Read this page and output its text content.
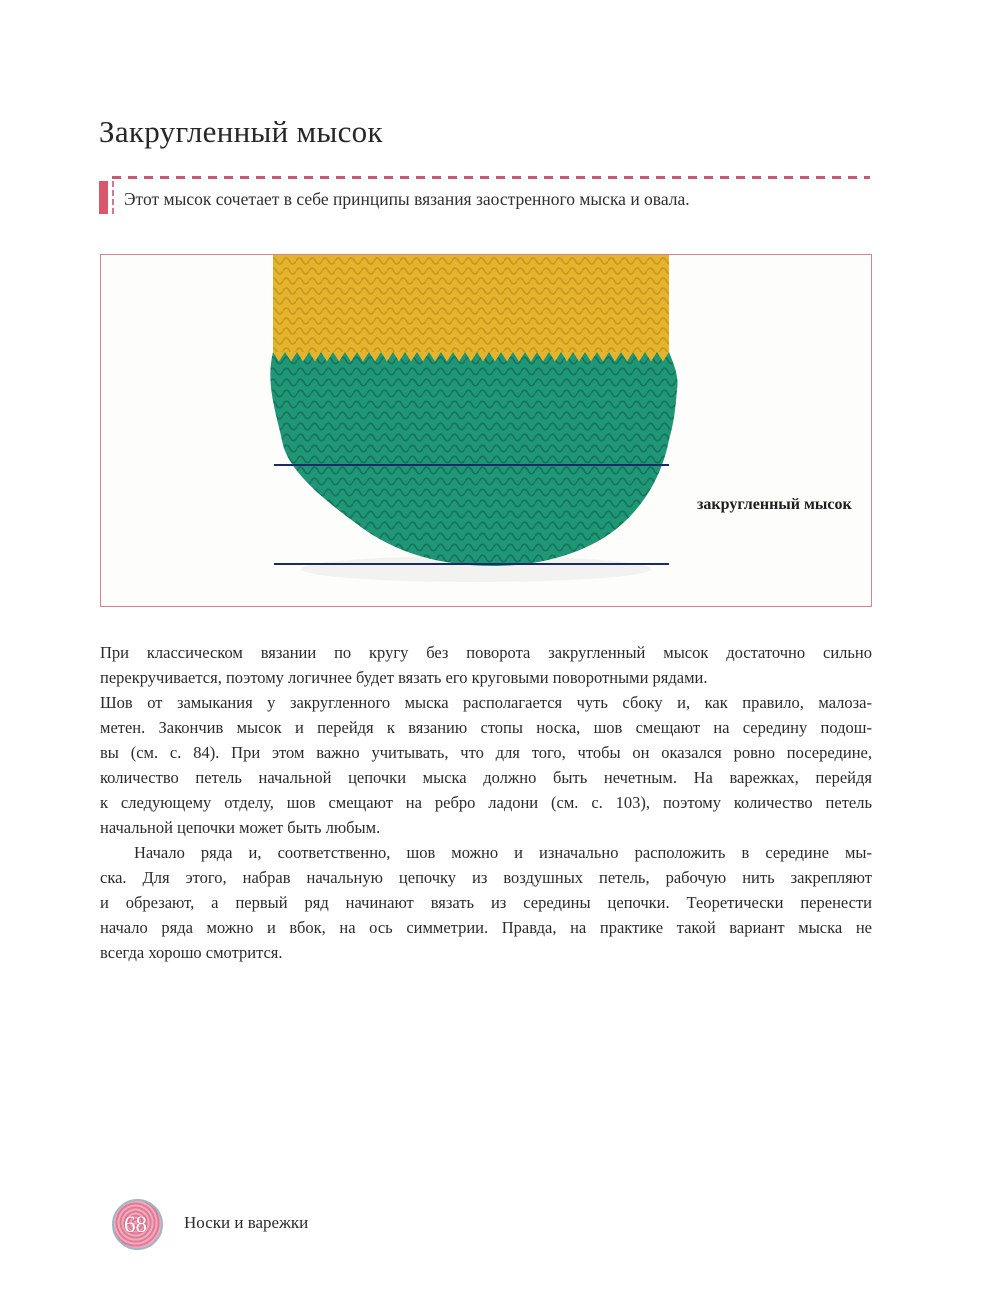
Закругленный мысок

Этот мысок сочетает в себе принципы вязания заостренного мыска и овала.

закругленный мысок
При классическом вязании по кругу без поворота закругленный мысок достаточно сильно
перекручивается, поэтому логичнее будет вязать его круговыми поворотными рядами.
Шов от замыкания у закругленного мыска располагается чуть сбоку и, как правило, малоза-
метен. Закончив мысок и перейдя к вязанию стопы носка, шов смещают на середину подош-
вы (см. с. 84). При этом важно учитывать, что для того, чтобы он оказался ровно посередине,
количество петель начальной цепочки мыска должно быть нечетным. На варежках, перейдя
к следующему отделу, шов смещают на ребро ладони (см. с. 103), поэтому количество петель
начальной цепочки может быть любым.
Начало ряда и, соответственно, шов можно и изначально расположить в середине мы-
ска. Для этого, набрав начальную цепочку из воздушных петель, рабочую нить закрепляют
и обрезают, а первый ряд начинают вязать из середины цепочки. Теоретически перенести
начало ряда можно и вбок, на ось симметрии. Правда, на практике такой вариант мыска не
всегда хорошо смотрится.
68 Носки и варежки
